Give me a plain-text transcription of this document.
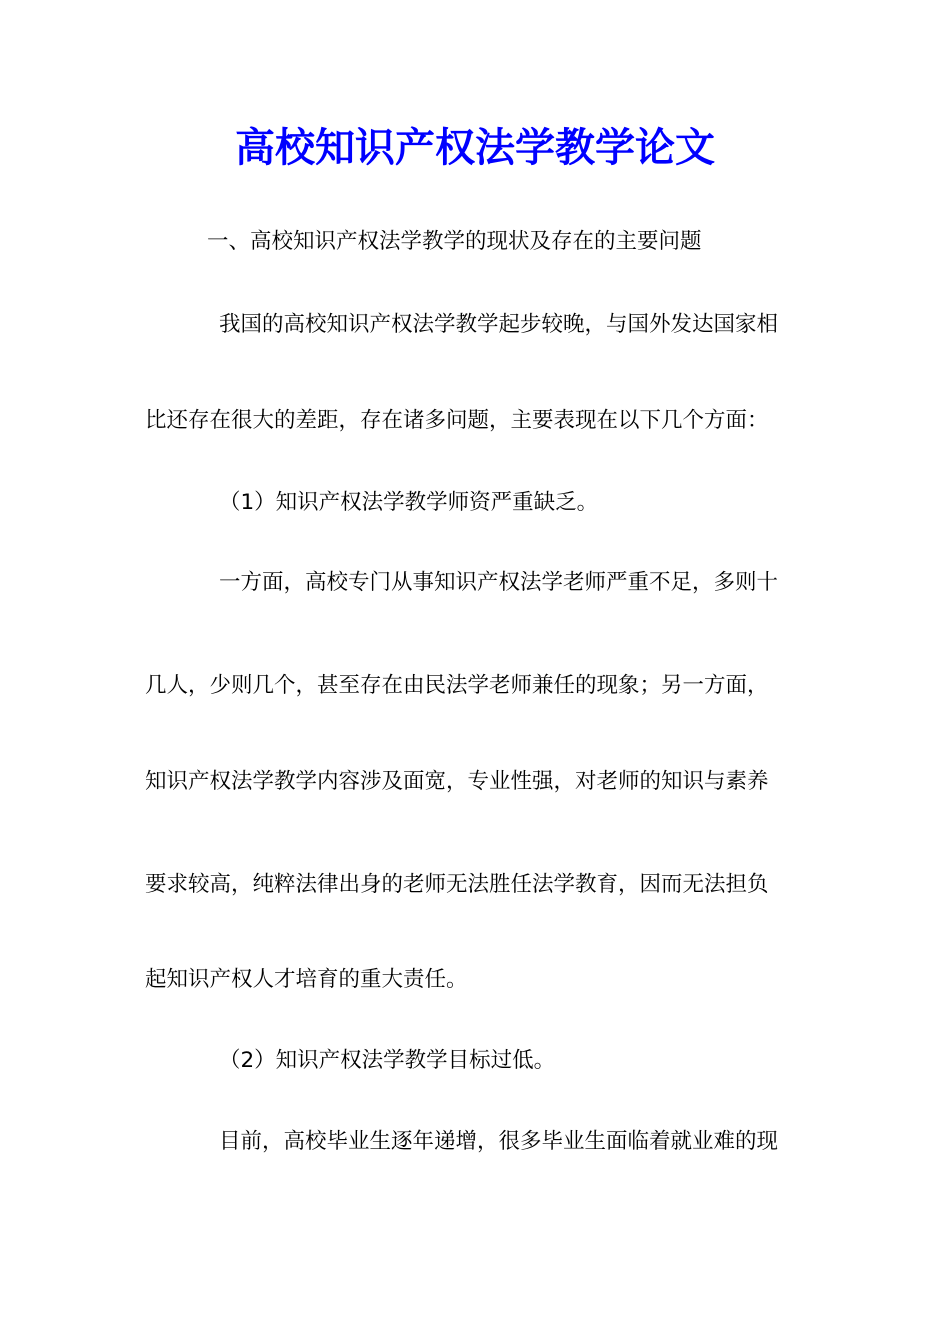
高校知识产权法学教学论文

一、高校知识产权法学教学的现状及存在的主要问题

我国的高校知识产权法学教学起步较晚，与国外发达国家相

比还存在很大的差距，存在诸多问题，主要表现在以下几个方面：

（1）知识产权法学教学师资严重缺乏。

一方面，高校专门从事知识产权法学老师严重不足，多则十

几人，少则几个，甚至存在由民法学老师兼任的现象；另一方面，

知识产权法学教学内容涉及面宽，专业性强，对老师的知识与素养

要求较高，纯粹法律出身的老师无法胜任法学教育，因而无法担负

起知识产权人才培育的重大责任。

（2）知识产权法学教学目标过低。

目前，高校毕业生逐年递增，很多毕业生面临着就业难的现
